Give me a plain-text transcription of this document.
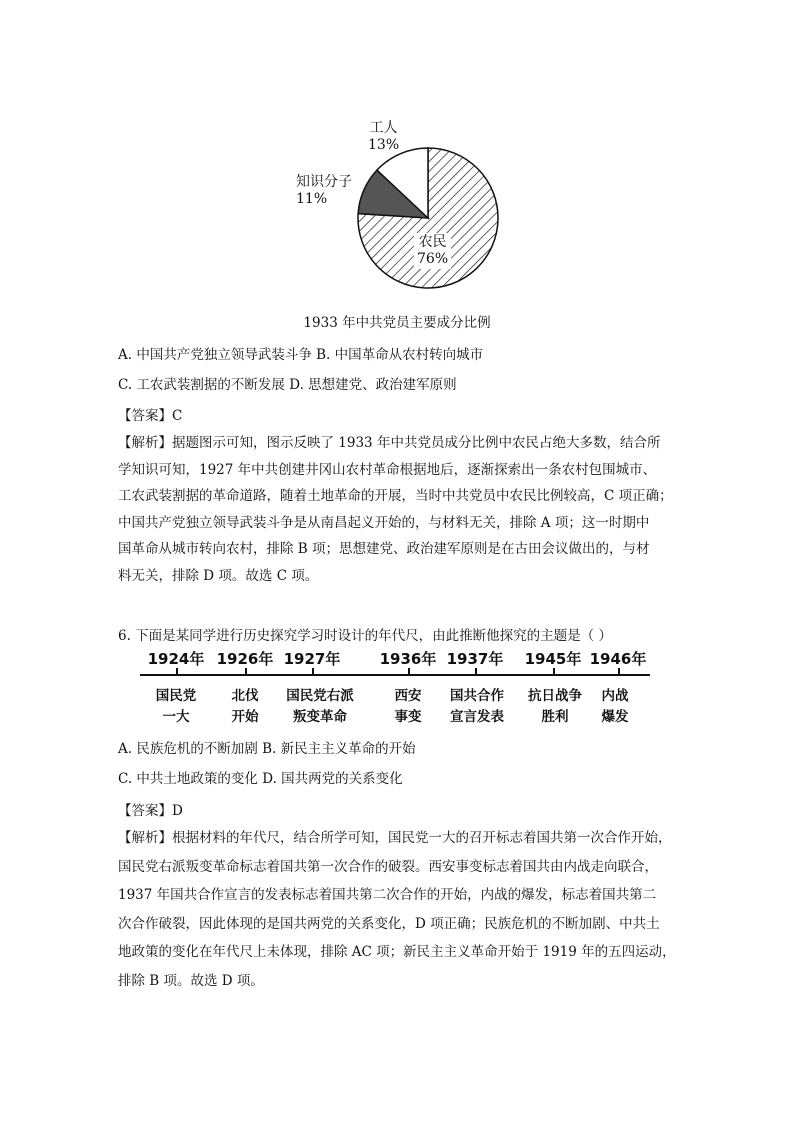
工人
13%
知识分子
11%
农民
76%
1933 年中共党员主要成分比例
A. 中国共产党独立领导武装斗争 B. 中国革命从农村转向城市
C. 工农武装割据的不断发展 D. 思想建党、政治建军原则
【答案】C

【解析】据题图示可知，图示反映了 1933 年中共党员成分比例中农民占绝大多数，结合所

学知识可知，1927 年中共创建井冈山农村革命根据地后，逐渐探索出一条农村包围城市、

工农武装割据的革命道路，随着土地革命的开展，当时中共党员中农民比例较高，C 项正确；

中国共产党独立领导武装斗争是从南昌起义开始的，与材料无关，排除 A 项；这一时期中

国革命从城市转向农村，排除 B 项；思想建党、政治建军原则是在古田会议做出的，与材

料无关，排除 D 项。故选 C 项。

6. 下面是某同学进行历史探究学习时设计的年代尺，由此推断他探究的主题是（ ）
1924年
国民党
一大
1926年
北伐
开始
1927年
国民党右派
叛变革命
1936年
西安
事变
1937年
国共合作
宣言发表
1945年
抗日战争
胜利
1946年
内战
爆发
A. 民族危机的不断加剧 B. 新民主主义革命的开始
C. 中共土地政策的变化 D. 国共两党的关系变化
【答案】D

【解析】根据材料的年代尺，结合所学可知，国民党一大的召开标志着国共第一次合作开始，

国民党右派叛变革命标志着国共第一次合作的破裂。西安事变标志着国共由内战走向联合，

1937 年国共合作宣言的发表标志着国共第二次合作的开始，内战的爆发，标志着国共第二

次合作破裂，因此体现的是国共两党的关系变化，D 项正确；民族危机的不断加剧、中共土

地政策的变化在年代尺上未体现，排除 AC 项；新民主主义革命开始于 1919 年的五四运动，

排除 B 项。故选 D 项。
